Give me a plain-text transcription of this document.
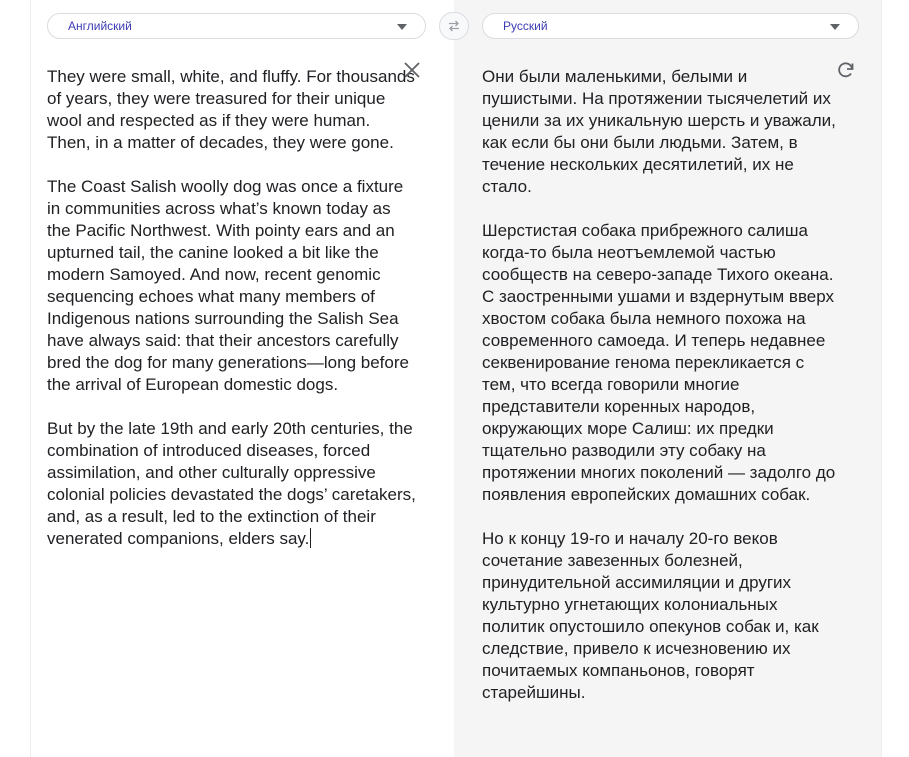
Английский	Русский
They were small, white, and fluffy. For thousands of years, they were treasured for their unique wool and respected as if they were human. Then, in a matter of decades, they were gone.

The Coast Salish woolly dog was once a fixture in communities across what’s known today as the Pacific Northwest. With pointy ears and an upturned tail, the canine looked a bit like the modern Samoyed. And now, recent genomic sequencing echoes what many members of Indigenous nations surrounding the Salish Sea have always said: that their ancestors carefully bred the dog for many generations—long before the arrival of European domestic dogs.

But by the late 19th and early 20th centuries, the combination of introduced diseases, forced assimilation, and other culturally oppressive colonial policies devastated the dogs’ caretakers, and, as a result, led to the extinction of their venerated companions, elders say.
Они были маленькими, белыми и пушистыми. На протяжении тысячелетий их ценили за их уникальную шерсть и уважали, как если бы они были людьми. Затем, в течение нескольких десятилетий, их не стало.

Шерстистая собака прибрежного салиша когда-то была неотъемлемой частью сообществ на северо-западе Тихого океана. С заостренными ушами и вздернутым вверх хвостом собака была немного похожа на современного самоеда. И теперь недавнее секвенирование генома перекликается с тем, что всегда говорили многие представители коренных народов, окружающих море Салиш: их предки тщательно разводили эту собаку на протяжении многих поколений — задолго до появления европейских домашних собак.

Но к концу 19-го и началу 20-го веков сочетание завезенных болезней, принудительной ассимиляции и других культурно угнетающих колониальных политик опустошило опекунов собак и, как следствие, привело к исчезновению их почитаемых компаньонов, говорят старейшины.
